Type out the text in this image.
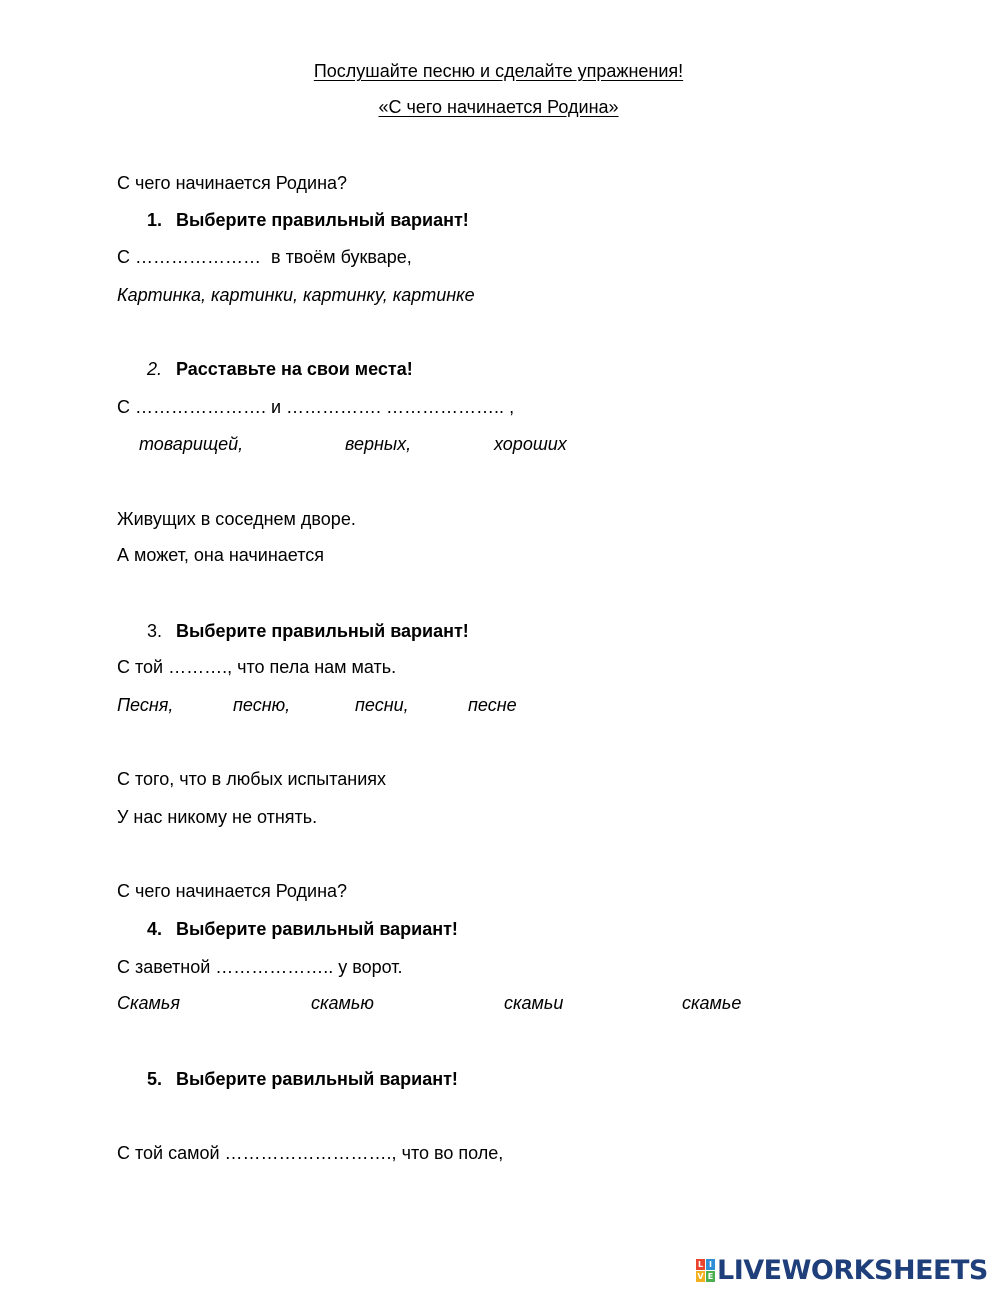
Послушайте песню и сделайте упражнения!
«С чего начинается Родина»
С чего начинается Родина?
1. Выберите правильный вариант!
С …………………  в твоём букваре,
Картинка, картинки, картинку, картинке
2. Расставьте на свои места!
С …………………. и ……………. ……………….. ,
товарищей,	верных,	хороших
Живущих в соседнем дворе.
А может, она начинается
3. Выберите правильный вариант!
С той ………., что пела нам мать.
Песня,	песню,	песни,	песне
С того, что в любых испытаниях
У нас никому не отнять.
С чего начинается Родина?
4. Выберите равильный вариант!
С заветной ……………….. у ворот.
Скамья	скамью	скамьи	скамье
5. Выберите равильный вариант!
С той самой ………………………., что во поле,
L I
V E LIVEWORKSHEETS
